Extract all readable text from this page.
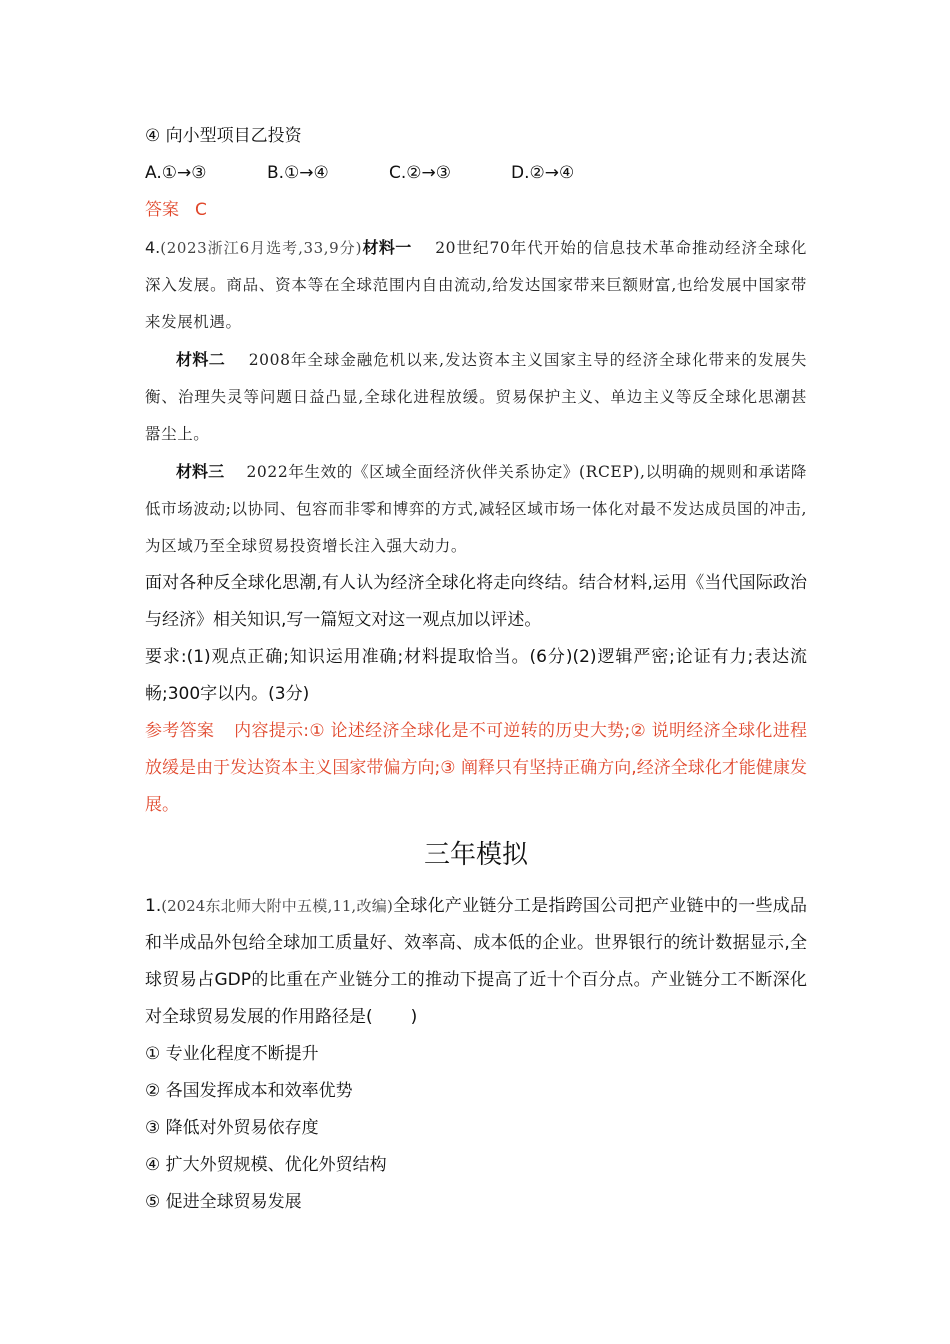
④ 向小型项目乙投资
A.①→③	B.①→④	C.②→③	D.②→④
答案 C
4.(2023浙江6月选考,33,9分)材料一 20世纪70年代开始的信息技术革命推动经济全球化深入发展。商品、资本等在全球范围内自由流动,给发达国家带来巨额财富,也给发展中国家带来发展机遇。
材料二 2008年全球金融危机以来,发达资本主义国家主导的经济全球化带来的发展失衡、治理失灵等问题日益凸显,全球化进程放缓。贸易保护主义、单边主义等反全球化思潮甚嚣尘上。
材料三 2022年生效的《区域全面经济伙伴关系协定》(RCEP),以明确的规则和承诺降低市场波动;以协同、包容而非零和博弈的方式,减轻区域市场一体化对最不发达成员国的冲击,为区域乃至全球贸易投资增长注入强大动力。
面对各种反全球化思潮,有人认为经济全球化将走向终结。结合材料,运用《当代国际政治与经济》相关知识,写一篇短文对这一观点加以评述。
要求:(1)观点正确;知识运用准确;材料提取恰当。(6分)(2)逻辑严密;论证有力;表达流畅;300字以内。(3分)
参考答案 内容提示:① 论述经济全球化是不可逆转的历史大势;② 说明经济全球化进程放缓是由于发达资本主义国家带偏方向;③ 阐释只有坚持正确方向,经济全球化才能健康发展。
三年模拟
1.(2024东北师大附中五模,11,改编)全球化产业链分工是指跨国公司把产业链中的一些成品和半成品外包给全球加工质量好、效率高、成本低的企业。世界银行的统计数据显示,全球贸易占GDP的比重在产业链分工的推动下提高了近十个百分点。产业链分工不断深化对全球贸易发展的作用路径是( )
① 专业化程度不断提升
② 各国发挥成本和效率优势
③ 降低对外贸易依存度
④ 扩大外贸规模、优化外贸结构
⑤ 促进全球贸易发展
